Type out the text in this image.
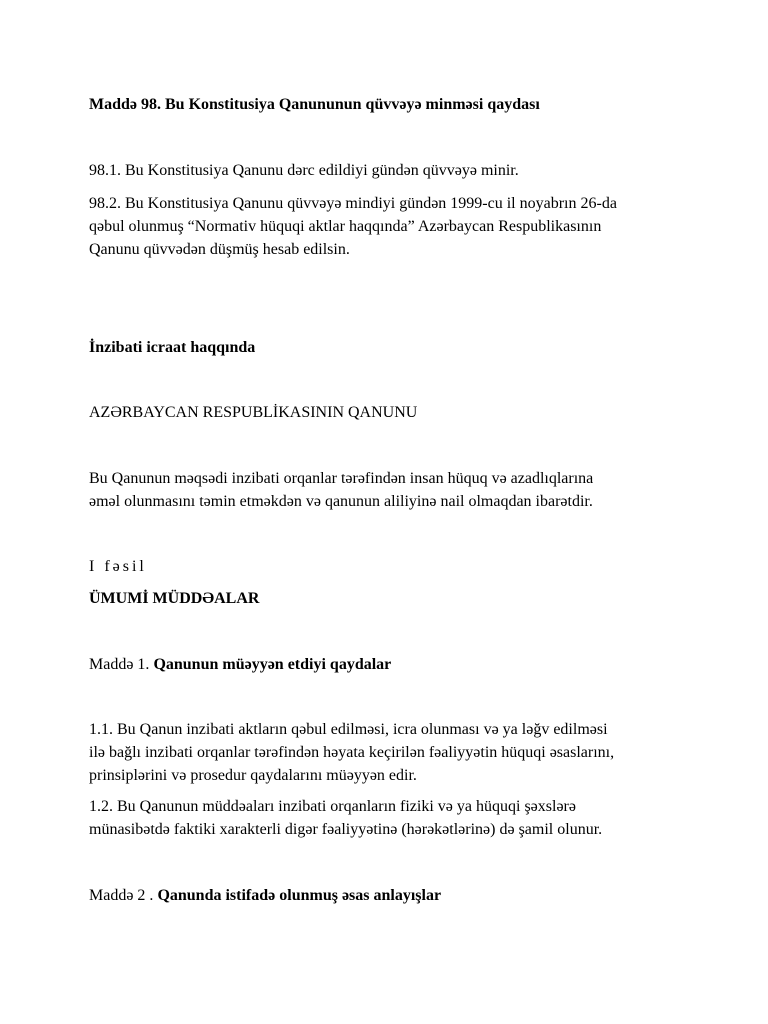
Maddə 98. Bu Konstitusiya Qanununun qüvvəyə minməsi qaydası
98.1. Bu Konstitusiya Qanunu dərc edildiyi gündən qüvvəyə minir.
98.2. Bu Konstitusiya Qanunu qüvvəyə mindiyi gündən 1999-cu il noyabrın 26-da
qəbul olunmuş “Normativ hüquqi aktlar haqqında” Azərbaycan Respublikasının
Qanunu qüvvədən düşmüş hesab edilsin.
İnzibati icraat haqqında
AZƏRBAYCAN RESPUBLİKASININ QANUNU
Bu Qanunun məqsədi inzibati orqanlar tərəfindən insan hüquq və azadlıqlarına
əməl olunmasını təmin etməkdən və qanunun aliliyinə nail olmaqdan ibarətdir.
I fəsil
ÜMUMİ MÜDDƏALAR
Maddə 1. Qanunun müəyyən etdiyi qaydalar
1.1. Bu Qanun inzibati aktların qəbul edilməsi, icra olunması və ya ləğv edilməsi
ilə bağlı inzibati orqanlar tərəfindən həyata keçirilən fəaliyyətin hüquqi əsaslarını,
prinsiplərini və prosedur qaydalarını müəyyən edir.
1.2. Bu Qanunun müddəaları inzibati orqanların fiziki və ya hüquqi şəxslərə
münasibətdə faktiki xarakterli digər fəaliyyətinə (hərəkətlərinə) də şamil olunur.
Maddə 2 . Qanunda istifadə olunmuş əsas anlayışlar
